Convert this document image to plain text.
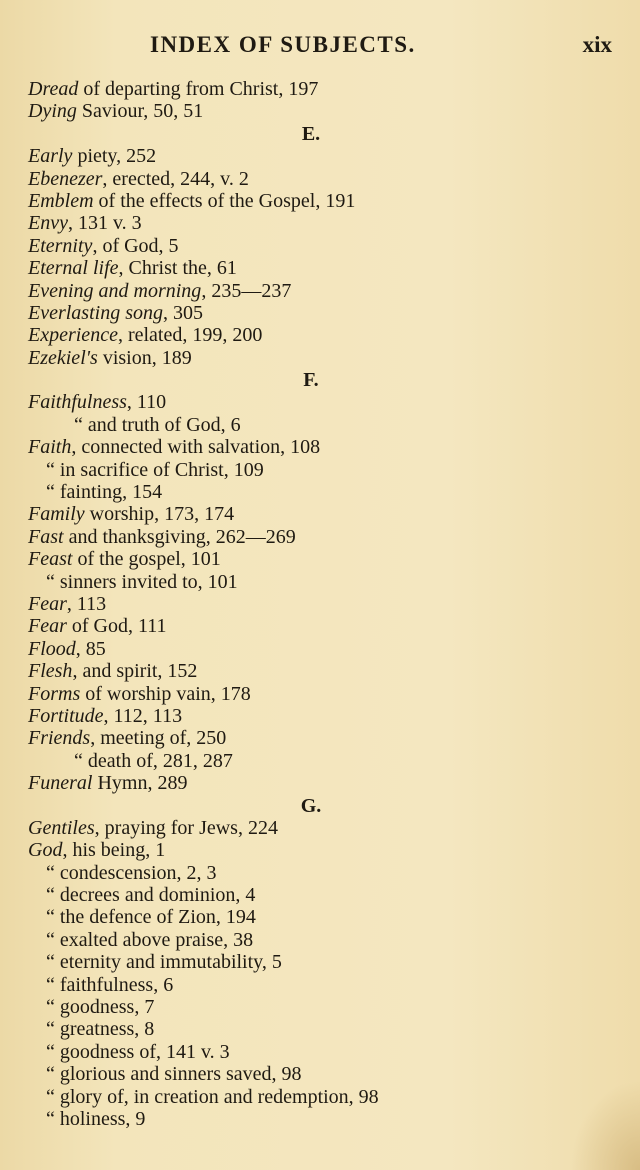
INDEX OF SUBJECTS.	xix
Dread of departing from Christ, 197
Dying Saviour, 50, 51
E.
Early piety, 252
Ebenezer, erected, 244, v. 2
Emblem of the effects of the Gospel, 191
Envy, 131 v. 3
Eternity, of God, 5
Eternal life, Christ the, 61
Evening and morning, 235—237
Everlasting song, 305
Experience, related, 199, 200
Ezekiel's vision, 189
F.
Faithfulness, 110
“ and truth of God, 6
Faith, connected with salvation, 108
“ in sacrifice of Christ, 109
“ fainting, 154
Family worship, 173, 174
Fast and thanksgiving, 262—269
Feast of the gospel, 101
“ sinners invited to, 101
Fear, 113
Fear of God, 111
Flood, 85
Flesh, and spirit, 152
Forms of worship vain, 178
Fortitude, 112, 113
Friends, meeting of, 250
“ death of, 281, 287
Funeral Hymn, 289
G.
Gentiles, praying for Jews, 224
God, his being, 1
“ condescension, 2, 3
“ decrees and dominion, 4
“ the defence of Zion, 194
“ exalted above praise, 38
“ eternity and immutability, 5
“ faithfulness, 6
“ goodness, 7
“ greatness, 8
“ goodness of, 141 v. 3
“ glorious and sinners saved, 98
“ glory of, in creation and redemption, 98
“ holiness, 9
